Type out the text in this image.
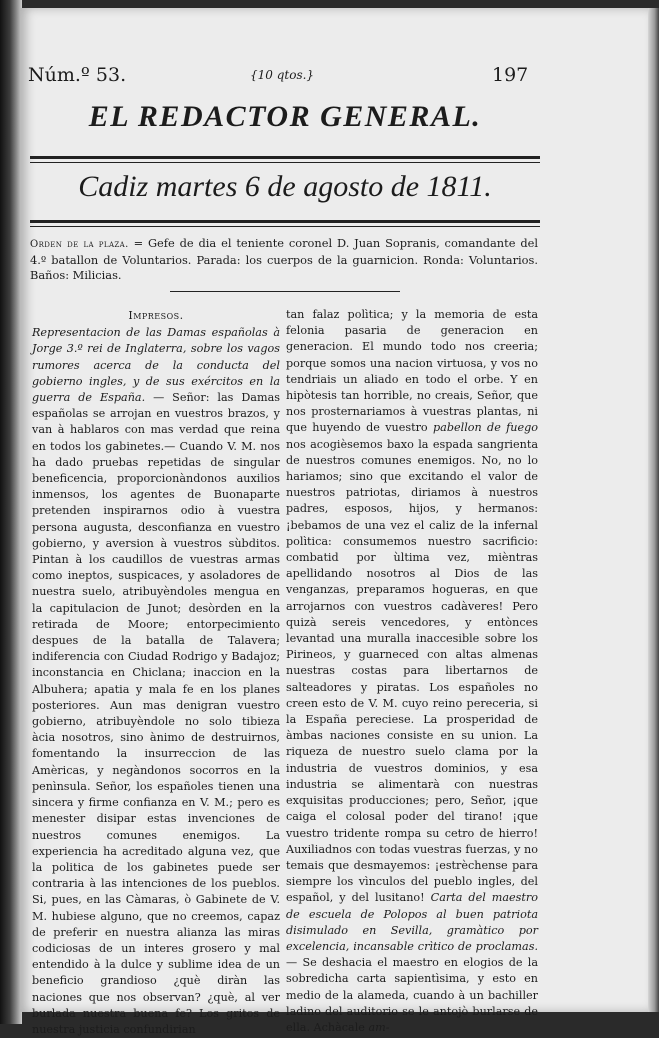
Núm.º 53.	{10 qtos.}	197
EL REDACTOR GENERAL.
Cadiz martes 6 de agosto de 1811.
Orden de la plaza. = Gefe de dia el teniente coronel D. Juan Sopranis, comandante del 4.º batallon de Voluntarios. Parada: los cuerpos de la guarnicion. Ronda: Voluntarios. Baños: Milicias.
Impresos.
Representacion de las Damas españolas à Jorge 3.º rei de Inglaterra, sobre los vagos rumores acerca de la conducta del gobierno ingles, y de sus exércitos en la guerra de España. — Señor: las Damas españolas se arrojan en vuestros brazos, y van à hablaros con mas verdad que reina en todos los gabinetes.— Cuando V. M. nos ha dado pruebas repetidas de singular beneficencia, proporcionàndonos auxilios inmensos, los agentes de Buonaparte pretenden inspirarnos odio à vuestra persona augusta, desconfianza en vuestro gobierno, y aversion à vuestros sùbditos. Pintan à los caudillos de vuestras armas como ineptos, suspicaces, y asoladores de nuestra suelo, atribuyèndoles mengua en la capitulacion de Junot; desòrden en la retirada de Moore; entorpecimiento despues de la batalla de Talavera; indiferencia con Ciudad Rodrigo y Badajoz; inconstancia en Chiclana; inaccion en la Albuhera; apatia y mala fe en los planes posteriores. Aun mas denigran vuestro gobierno, atribuyèndole no solo tibieza àcia nosotros, sino ànimo de destruirnos, fomentando la insurreccion de las Amèricas, y negàndonos socorros en la penìnsula. Señor, los españoles tienen una sincera y firme confianza en V. M.; pero es menester disipar estas invenciones de nuestros comunes enemigos. La experiencia ha acreditado alguna vez, que la politica de los gabinetes puede ser contraria à las intenciones de los pueblos. Si, pues, en las Càmaras, ò Gabinete de V. M. hubiese alguno, que no creemos, capaz de preferir en nuestra alianza las miras codiciosas de un interes grosero y mal entendido à la dulce y sublime idea de un beneficio grandioso ¿què diràn las naciones que nos observan? ¿què, al ver burlada nuestra buena fe? Los gritos de nuestra justicia confundirian
tan falaz polìtica; y la memoria de esta felonia pasaria de generacion en generacion. El mundo todo nos creeria; porque somos una nacion virtuosa, y vos no tendriais un aliado en todo el orbe. Y en hipòtesis tan horrible, no creais, Señor, que nos prosternariamos à vuestras plantas, ni que huyendo de vuestro pabellon de fuego nos acogièsemos baxo la espada sangrienta de nuestros comunes enemigos. No, no lo hariamos; sino que excitando el valor de nuestros patriotas, diriamos à nuestros padres, esposos, hijos, y hermanos: ¡bebamos de una vez el caliz de la infernal polìtica: consumemos nuestro sacrificio: combatid por ùltima vez, mièntras apellidando nosotros al Dios de las venganzas, preparamos hogueras, en que arrojarnos con vuestros cadàveres! Pero quizà sereis vencedores, y entònces levantad una muralla inaccesible sobre los Pirineos, y guarneced con altas almenas nuestras costas para libertarnos de salteadores y piratas. Los españoles no creen esto de V. M. cuyo reino pereceria, si la España pereciese. La prosperidad de àmbas naciones consiste en su union. La riqueza de nuestro suelo clama por la industria de vuestros dominios, y esa industria se alimentarà con nuestras exquisitas producciones; pero, Señor, ¡que caiga el colosal poder del tirano! ¡que vuestro tridente rompa su cetro de hierro! Auxiliadnos con todas vuestras fuerzas, y no temais que desmayemos: ¡estrèchense para siempre los vìnculos del pueblo ingles, del español, y del lusitano! Carta del maestro de escuela de Polopos al buen patriota disimulado en Sevilla, gramàtico por excelencia, incansable crìtico de proclamas. — Se deshacia el maestro en elogios de la sobredicha carta sapientìsima, y esto en medio de la alameda, cuando à un bachiller ladino del auditorio se le antojò burlarse de ella. Achàcale am-
